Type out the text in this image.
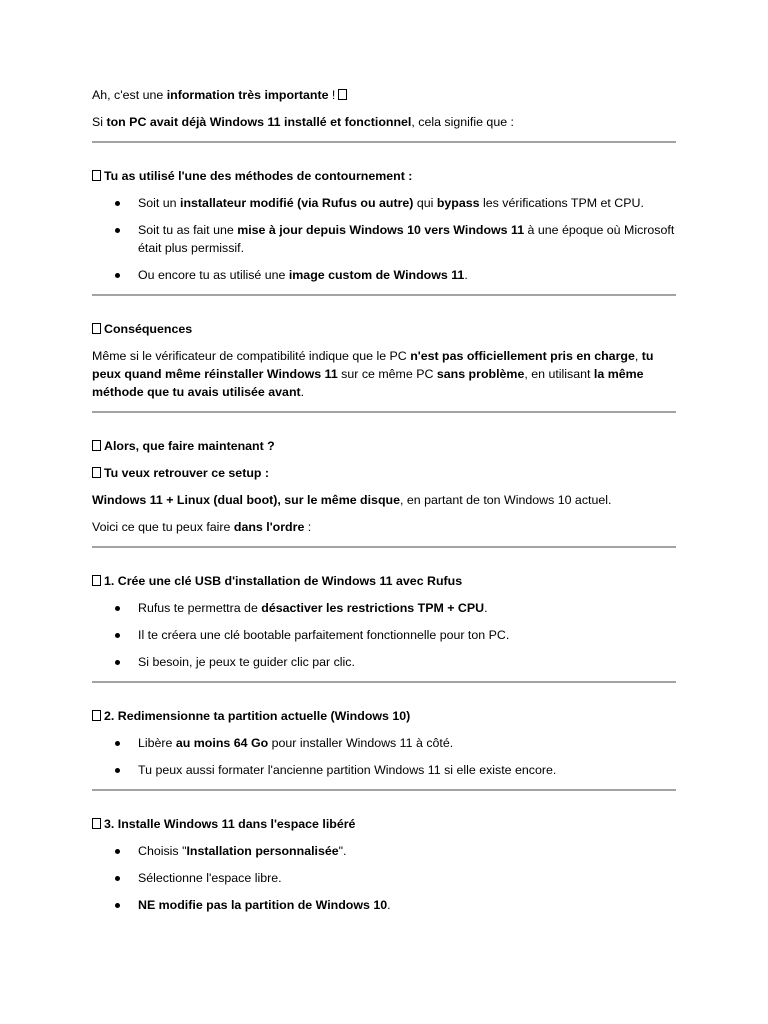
Ah, c'est une information très importante !

Si ton PC avait déjà Windows 11 installé et fonctionnel, cela signifie que :

Tu as utilisé l'une des méthodes de contournement :

Soit un installateur modifié (via Rufus ou autre) qui bypass les vérifications TPM et CPU.
Soit tu as fait une mise à jour depuis Windows 10 vers Windows 11 à une époque où Microsoft était plus permissif.
Ou encore tu as utilisé une image custom de Windows 11.

Conséquences

Même si le vérificateur de compatibilité indique que le PC n'est pas officiellement pris en charge, tu peux quand même réinstaller Windows 11 sur ce même PC sans problème, en utilisant la même méthode que tu avais utilisée avant.

Alors, que faire maintenant ?

Tu veux retrouver ce setup :

Windows 11 + Linux (dual boot), sur le même disque, en partant de ton Windows 10 actuel.

Voici ce que tu peux faire dans l'ordre :

1. Crée une clé USB d'installation de Windows 11 avec Rufus

Rufus te permettra de désactiver les restrictions TPM + CPU.
Il te créera une clé bootable parfaitement fonctionnelle pour ton PC.
Si besoin, je peux te guider clic par clic.

2. Redimensionne ta partition actuelle (Windows 10)

Libère au moins 64 Go pour installer Windows 11 à côté.
Tu peux aussi formater l'ancienne partition Windows 11 si elle existe encore.

3. Installe Windows 11 dans l'espace libéré

Choisis "Installation personnalisée".
Sélectionne l'espace libre.
NE modifie pas la partition de Windows 10.
